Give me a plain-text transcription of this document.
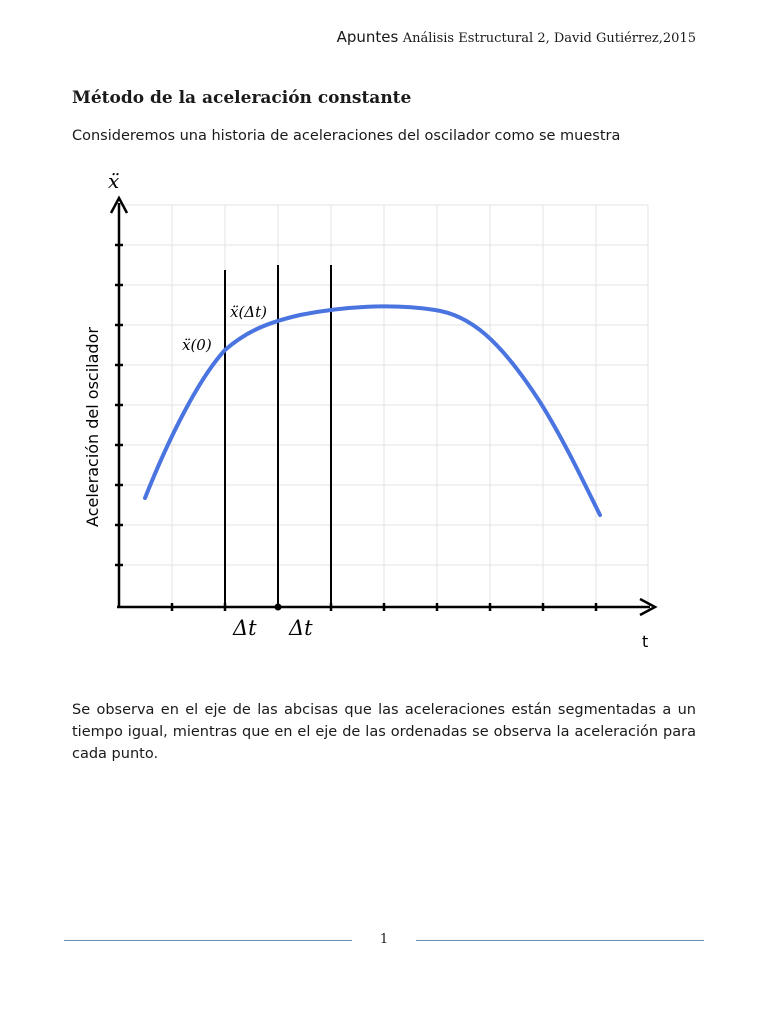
Apuntes Análisis Estructural 2, David Gutiérrez,2015
Método de la aceleración constante

Consideremos una historia de aceleraciones del oscilador como se muestra

ẍ(0)
ẍ(Δt)
ẍ
Aceleración del oscilador
Δt Δt
t

Se observa en el eje de las abcisas que las aceleraciones están segmentadas a un tiempo igual, mientras que en el eje de las ordenadas se observa la aceleración para cada punto.

1
